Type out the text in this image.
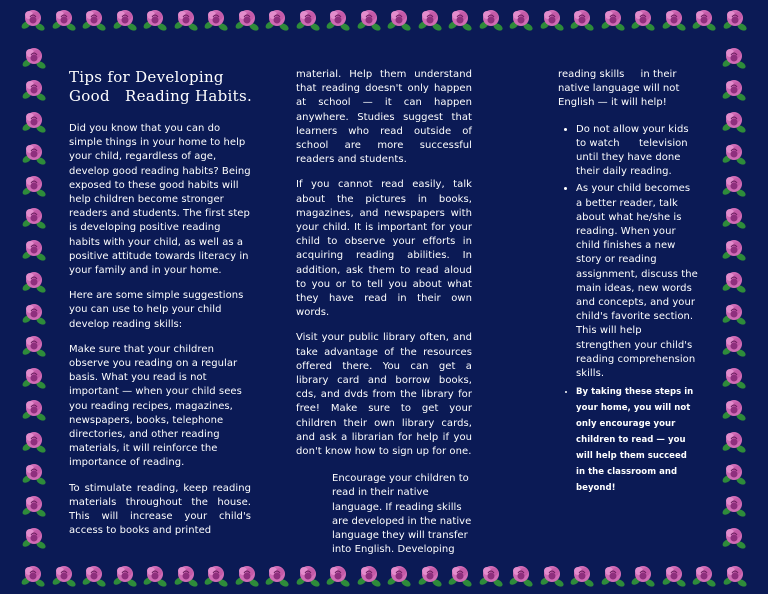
Tips for Developing
Good   Reading Habits.

Did you know that you can do simple things in your home to help your child, regardless of age, develop good reading habits? Being exposed to these good habits will help children become stronger readers and students. The first step is developing positive reading habits with your child, as well as a positive attitude towards literacy in your family and in your home.

Here are some simple suggestions you can use to help your child develop reading skills:

Make sure that your children observe you reading on a regular basis. What you read is not important — when your child sees you reading recipes, magazines, newspapers, books, telephone directories, and other reading materials, it will reinforce the importance of reading.

To stimulate reading, keep reading materials throughout the house. This will increase your child's access to books and printed

material. Help them understand that reading doesn't only happen at school — it can happen anywhere. Studies suggest that learners who read outside of school are more successful readers and students.

If you cannot read easily, talk about the pictures in books, magazines, and newspapers with your child. It is important for your child to observe your efforts in acquiring reading abilities. In addition, ask them to read aloud to you or to tell you about what they have read in their own words.

Visit your public library often, and take advantage of the resources offered there. You can get a library card and borrow books, cds, and dvds from the library for free! Make sure to get your children their own library cards, and ask a librarian for help if you don't know how to sign up for one.

Encourage your children to read in their native language. If reading skills are developed in the native language they will transfer into English. Developing

reading skills     in their native language will not English — it will help!

• Do not allow your kids to watch      television until they have done their daily reading.
• As your child becomes a better reader, talk about what he/she is reading. When your child finishes a new story or reading assignment, discuss the main ideas, new words and concepts, and your child's favorite section. This will help strengthen your child's reading comprehension skills.
• By taking these steps in your home, you will not only encourage your children to read — you will help them succeed in the classroom and beyond!
